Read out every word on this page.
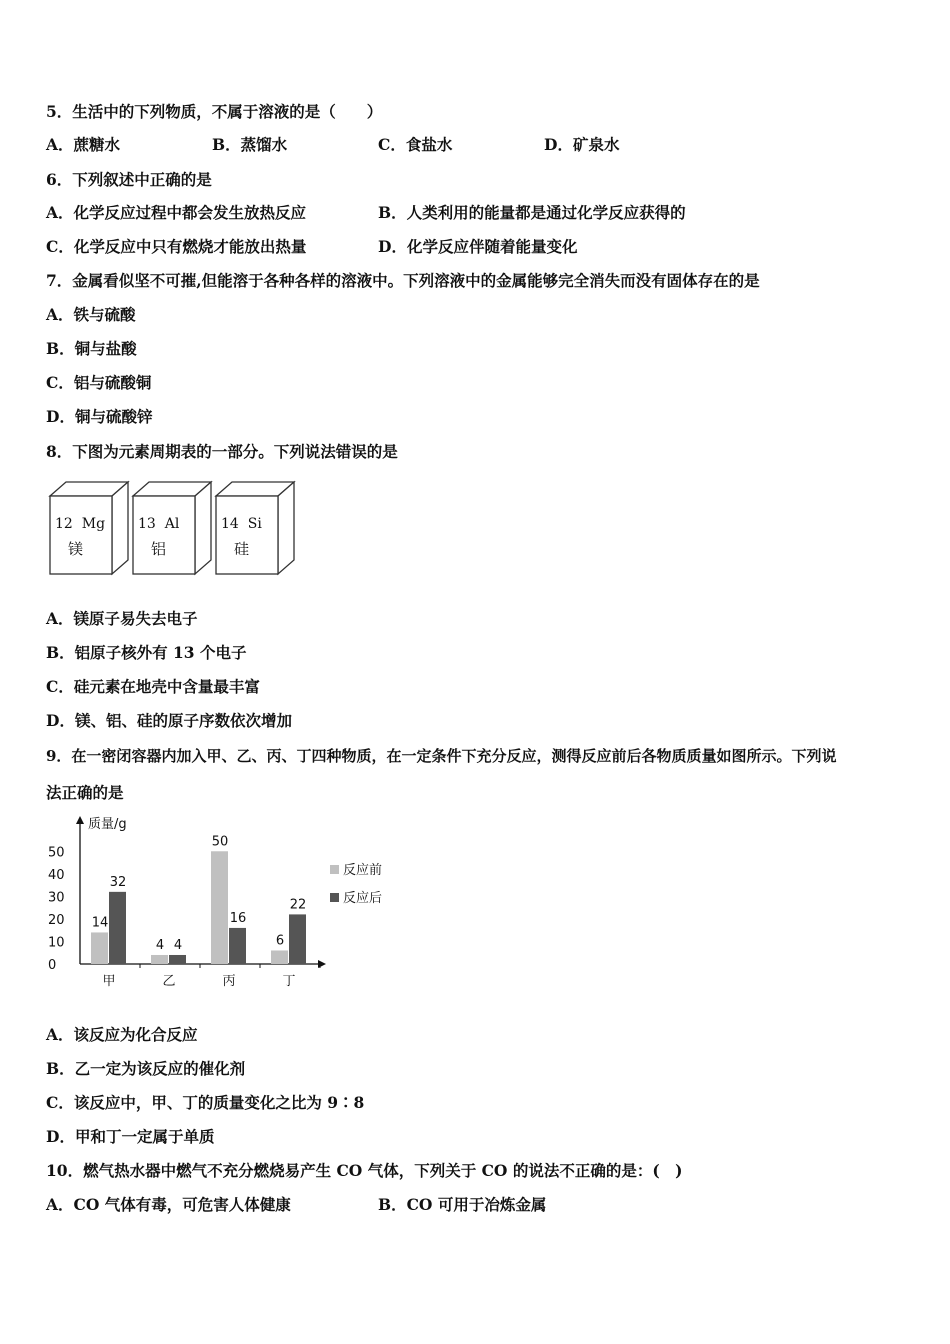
5．生活中的下列物质，不属于溶液的是（　　）
A．蔗糖水	B．蒸馏水	C．食盐水	D．矿泉水
6．下列叙述中正确的是
A．化学反应过程中都会发生放热反应	B．人类利用的能量都是通过化学反应获得的
C．化学反应中只有燃烧才能放出热量	D．化学反应伴随着能量变化
7．金属看似坚不可摧,但能溶于各种各样的溶液中。下列溶液中的金属能够完全消失而没有固体存在的是
A．铁与硫酸
B．铜与盐酸
C．铝与硫酸铜
D．铜与硫酸锌
8．下图为元素周期表的一部分。下列说法错误的是
12 Mg
镁
13 Al
铝
14 Si
硅
A．镁原子易失去电子
B．铝原子核外有 13 个电子
C．硅元素在地壳中含量最丰富
D．镁、铝、硅的原子序数依次增加
9．在一密闭容器内加入甲、乙、丙、丁四种物质，在一定条件下充分反应，测得反应前后各物质质量如图所示。下列说
法正确的是
质量/g
0
10
20
30
40
50
甲
14
32
乙
4 4
丙
50
16
丁
6
22
反应前
反应后
A．该反应为化合反应
B．乙一定为该反应的催化剂
C．该反应中，甲、丁的质量变化之比为 9∶8
D．甲和丁一定属于单质
10．燃气热水器中燃气不充分燃烧易产生 CO 气体，下列关于 CO 的说法不正确的是：(　)
A．CO 气体有毒，可危害人体健康	B．CO 可用于冶炼金属
